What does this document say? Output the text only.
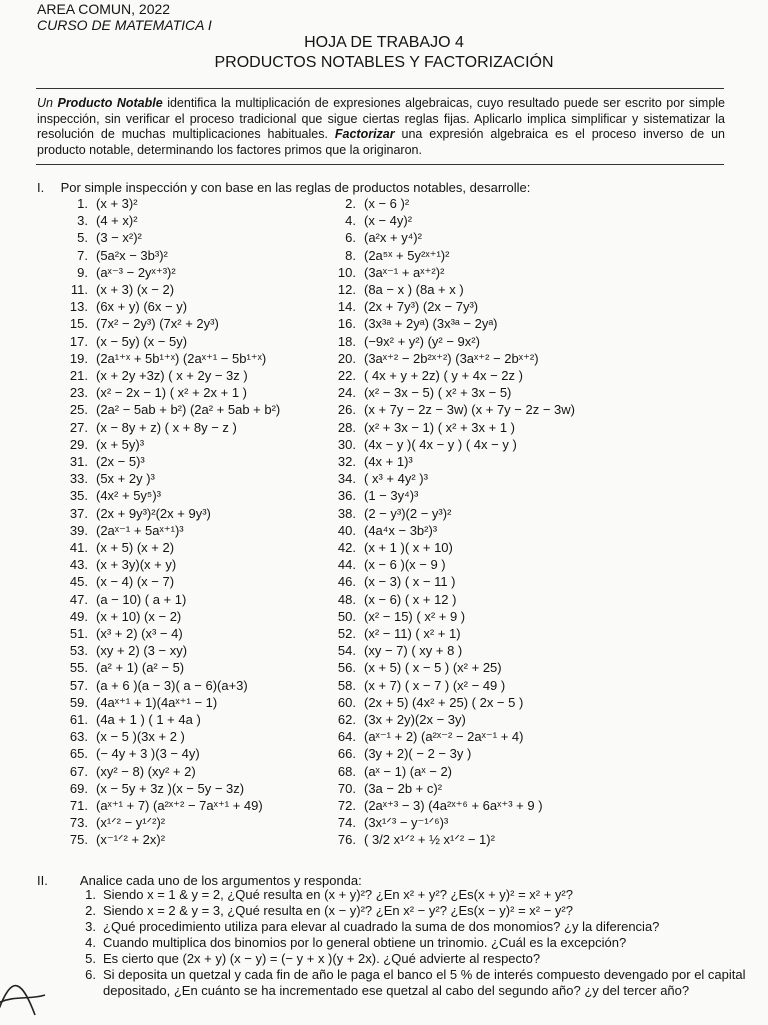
AREA COMUN, 2022
CURSO DE MATEMATICA I
HOJA DE TRABAJO 4
PRODUCTOS NOTABLES Y FACTORIZACIÓN
Un Producto Notable identifica la multiplicación de expresiones algebraicas, cuyo resultado puede ser escrito por simple inspección, sin verificar el proceso tradicional que sigue ciertas reglas fijas. Aplicarlo implica simplificar y sistematizar la resolución de muchas multiplicaciones habituales. Factorizar una expresión algebraica es el proceso inverso de un producto notable, determinando los factores primos que la originaron.
I. Por simple inspección y con base en las reglas de productos notables, desarrolle:
1. (x + 3)²
3. (4 + x)²
5. (3 − x²)²
7. (5a²x − 3b³)²
9. (aˣ⁻³ − 2yˣ⁺³)²
11. (x + 3) (x − 2)
13. (6x + y) (6x − y)
15. (7x² − 2y³) (7x² + 2y³)
17. (x − 5y) (x − 5y)
19. (2a¹⁺ˣ + 5b¹⁺ˣ) (2aˣ⁺¹ − 5b¹⁺ˣ)
21. (x + 2y +3z) ( x + 2y − 3z )
23. (x² − 2x − 1) ( x² + 2x + 1 )
25. (2a² − 5ab + b²) (2a² + 5ab + b²)
27. (x − 8y + z) ( x + 8y − z )
29. (x + 5y)³
31. (2x − 5)³
33. (5x + 2y )³
35. (4x² + 5y⁵)³
37. (2x + 9y³)²(2x + 9y³)
39. (2aˣ⁻¹ + 5aˣ⁺¹)³
41. (x + 5) (x + 2)
43. (x + 3y)(x + y)
45. (x − 4) (x − 7)
47. (a − 10) ( a + 1)
49. (x + 10) (x − 2)
51. (x³ + 2) (x³ − 4)
53. (xy + 2) (3 − xy)
55. (a² + 1) (a² − 5)
57. (a + 6 )(a − 3)( a − 6)(a+3)
59. (4aˣ⁺¹ + 1)(4aˣ⁺¹ − 1)
61. (4a + 1 ) ( 1 + 4a )
63. (x − 5 )(3x + 2 )
65. (− 4y + 3 )(3 − 4y)
67. (xy² − 8) (xy² + 2)
69. (x − 5y + 3z )(x − 5y − 3z)
71. (aˣ⁺¹ + 7) (a²ˣ⁺² − 7aˣ⁺¹ + 49)
73. (x¹ᐟ² − y¹ᐟ²)²
75. (x⁻¹ᐟ² + 2x)²
2. (x − 6 )²
4. (x − 4y)²
6. (a²x + y⁴)²
8. (2a⁵ˣ + 5y²ˣ⁺¹)²
10. (3aˣ⁻¹ + aˣ⁺²)²
12. (8a − x ) (8a + x )
14. (2x + 7y³) (2x − 7y³)
16. (3x³ᵃ + 2yᵃ) (3x³ᵃ − 2yᵃ)
18. (−9x² + y²) (y² − 9x²)
20. (3aˣ⁺² − 2b²ˣ⁺²) (3aˣ⁺² − 2bˣ⁺²)
22. ( 4x + y + 2z) ( y + 4x − 2z )
24. (x² − 3x − 5) ( x² + 3x − 5)
26. (x + 7y − 2z − 3w) (x + 7y − 2z − 3w)
28. (x² + 3x − 1) ( x² + 3x + 1 )
30. (4x − y )( 4x − y ) ( 4x − y )
32. (4x + 1)³
34. ( x³ + 4y² )³
36. (1 − 3y⁴)³
38. (2 − y³)(2 − y³)²
40. (4a⁴x − 3b²)³
42. (x + 1 )( x + 10)
44. (x − 6 )(x − 9 )
46. (x − 3) ( x − 11 )
48. (x − 6) ( x + 12 )
50. (x² − 15) ( x² + 9 )
52. (x² − 11) ( x² + 1)
54. (xy − 7) ( xy + 8 )
56. (x + 5) ( x − 5 ) (x² + 25)
58. (x + 7) ( x − 7 ) (x² − 49 )
60. (2x + 5) (4x² + 25) ( 2x − 5 )
62. (3x + 2y)(2x − 3y)
64. (aˣ⁻¹ + 2) (a²ˣ⁻² − 2aˣ⁻¹ + 4)
66. (3y + 2)( − 2 − 3y )
68. (aˣ − 1) (aˣ − 2)
70. (3a − 2b + c)²
72. (2aˣ⁺³ − 3) (4a²ˣ⁺⁶ + 6aˣ⁺³ + 9 )
74. (3x¹ᐟ³ − y⁻¹ᐟ⁶)³
76. ( 3/2 x¹ᐟ² + ½ x¹ᐟ² − 1)²
II. Analice cada uno de los argumentos y responda:
1. Siendo x = 1 & y = 2, ¿Qué resulta en (x + y)²? ¿En x² + y²? ¿Es(x + y)² = x² + y²?
2. Siendo x = 2 & y = 3, ¿Qué resulta en (x − y)²? ¿En x² − y²? ¿Es(x − y)² = x² − y²?
3. ¿Qué procedimiento utiliza para elevar al cuadrado la suma de dos monomios? ¿y la diferencia?
4. Cuando multiplica dos binomios por lo general obtiene un trinomio. ¿Cuál es la excepción?
5. Es cierto que (2x + y) (x − y) = (− y + x )(y + 2x). ¿Qué advierte al respecto?
6. Si deposita un quetzal y cada fin de año le paga el banco el 5 % de interés compuesto devengado por el capital depositado, ¿En cuánto se ha incrementado ese quetzal al cabo del segundo año? ¿y del tercer año?
